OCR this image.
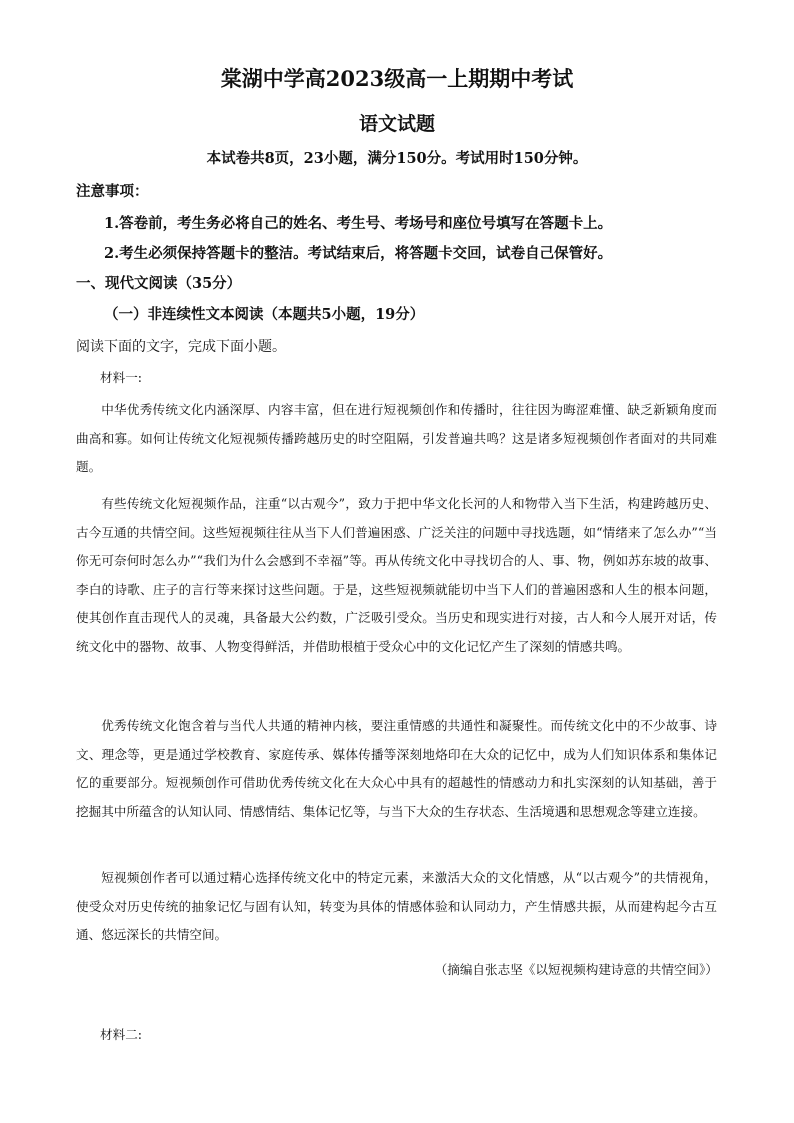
棠湖中学高2023级高一上期期中考试
语文试题
本试卷共8页，23小题，满分150分。考试用时150分钟。
注意事项：
1.答卷前，考生务必将自己的姓名、考生号、考场号和座位号填写在答题卡上。
2.考生必须保持答题卡的整洁。考试结束后，将答题卡交回，试卷自己保管好。
一、现代文阅读（35分）
（一）非连续性文本阅读（本题共5小题，19分）
阅读下面的文字，完成下面小题。
材料一:
中华优秀传统文化内涵深厚、内容丰富，但在进行短视频创作和传播时，往往因为晦涩难懂、缺乏新颖角度而曲高和寡。如何让传统文化短视频传播跨越历史的时空阻隔，引发普遍共鸣？这是诸多短视频创作者面对的共同难题。
有些传统文化短视频作品，注重“以古观今”，致力于把中华文化长河的人和物带入当下生活，构建跨越历史、古今互通的共情空间。这些短视频往往从当下人们普遍困惑、广泛关注的问题中寻找选题，如“情绪来了怎么办”“当你无可奈何时怎么办”“我们为什么会感到不幸福”等。再从传统文化中寻找切合的人、事、物，例如苏东坡的故事、李白的诗歌、庄子的言行等来探讨这些问题。于是，这些短视频就能切中当下人们的普遍困惑和人生的根本问题，使其创作直击现代人的灵魂，具备最大公约数，广泛吸引受众。当历史和现实进行对接，古人和今人展开对话，传统文化中的器物、故事、人物变得鲜活，并借助根植于受众心中的文化记忆产生了深刻的情感共鸣。
优秀传统文化饱含着与当代人共通的精神内核，要注重情感的共通性和凝聚性。而传统文化中的不少故事、诗文、理念等，更是通过学校教育、家庭传承、媒体传播等深刻地烙印在大众的记忆中，成为人们知识体系和集体记忆的重要部分。短视频创作可借助优秀传统文化在大众心中具有的超越性的情感动力和扎实深刻的认知基础，善于挖掘其中所蕴含的认知认同、情感情结、集体记忆等，与当下大众的生存状态、生活境遇和思想观念等建立连接。
短视频创作者可以通过精心选择传统文化中的特定元素，来激活大众的文化情感，从“以古观今”的共情视角，使受众对历史传统的抽象记忆与固有认知，转变为具体的情感体验和认同动力，产生情感共振，从而建构起今古互通、悠远深长的共情空间。
（摘编自张志坚《以短视频构建诗意的共情空间》）
材料二:
